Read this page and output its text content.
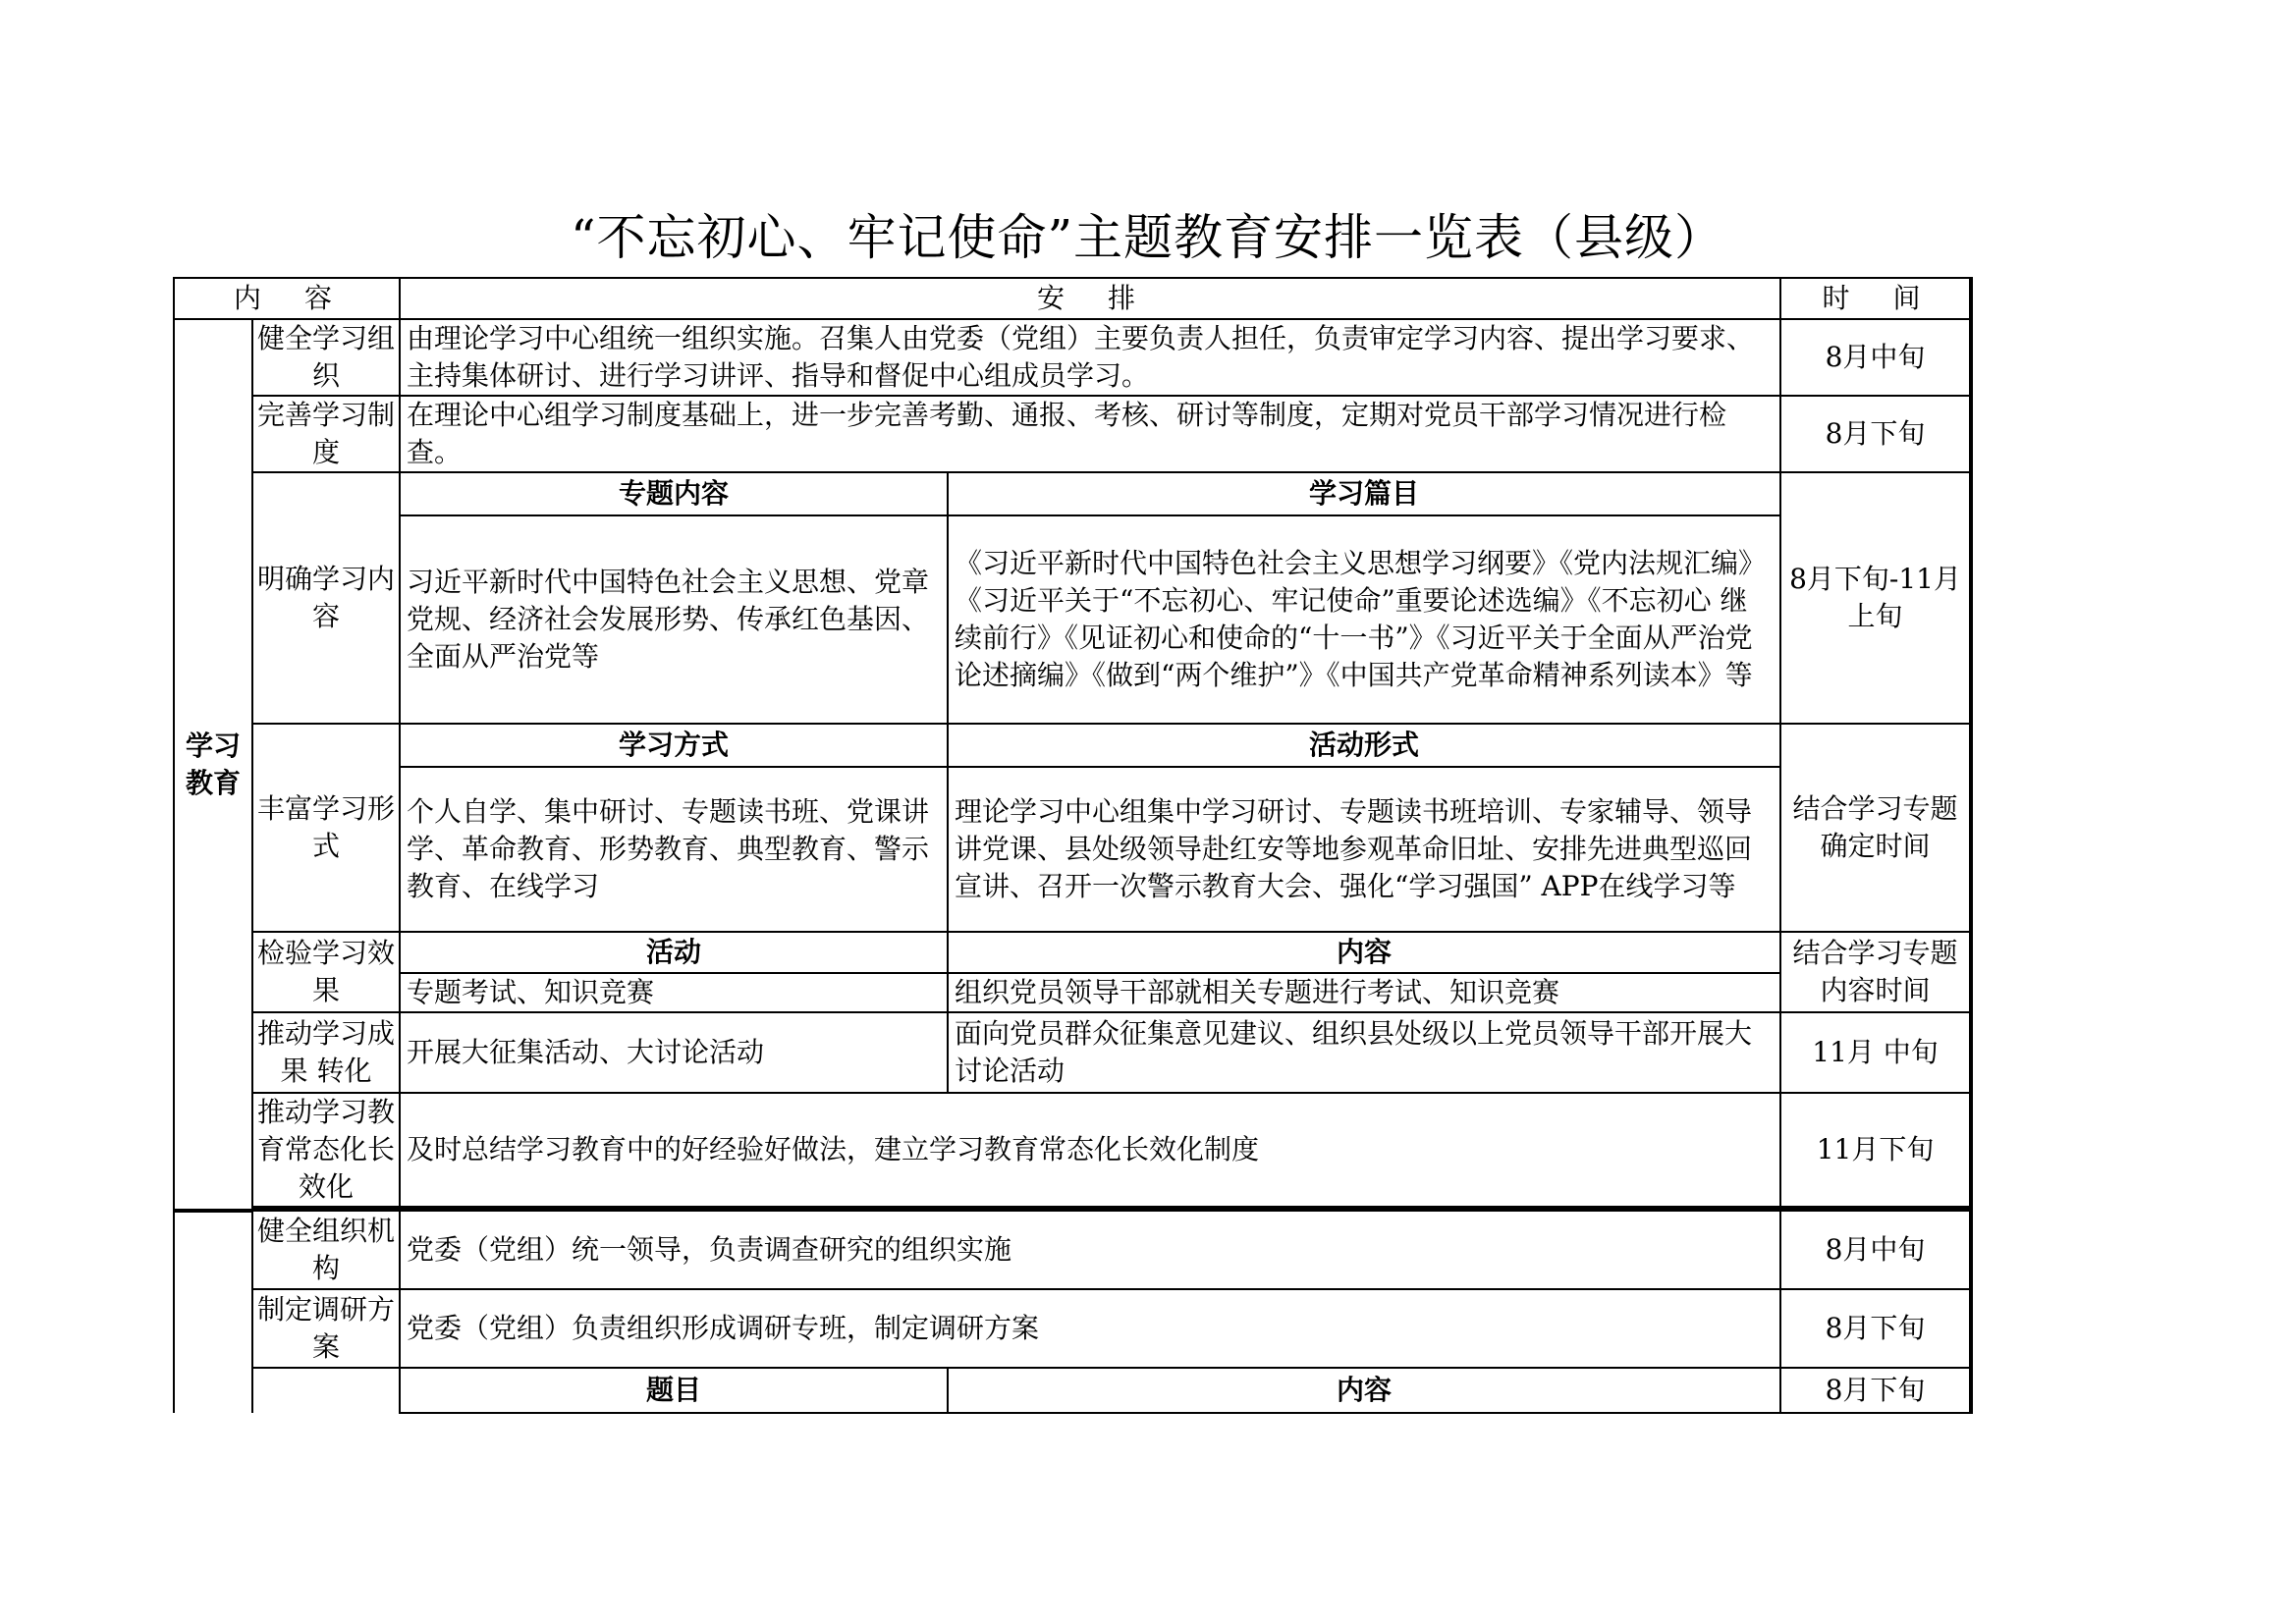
“不忘初心、牢记使命”主题教育安排一览表（县级）
内　容		安　排		时　间
学习
教育	健全学习组织	由理论学习中心组统一组织实施。召集人由党委（党组）主要负责人担任，负责审定学习内容、提出学习要求、主持集体研讨、进行学习讲评、指导和督促中心组成员学习。		8月中旬
	完善学习制度	在理论中心组学习制度基础上，进一步完善考勤、通报、考核、研讨等制度，定期对党员干部学习情况进行检查。		8月下旬
	明确学习内容	专题内容	学习篇目	8月下旬-11月上旬
		习近平新时代中国特色社会主义思想、党章党规、经济社会发展形势、传承红色基因、全面从严治党等	《习近平新时代中国特色社会主义思想学习纲要》《党内法规汇编》《习近平关于“不忘初心、牢记使命”重要论述选编》《不忘初心 继续前行》《见证初心和使命的“十一书”》《习近平关于全面从严治党论述摘编》《做到“两个维护”》《中国共产党革命精神系列读本》等	
	丰富学习形式	学习方式	活动形式	结合学习专题确定时间
		个人自学、集中研讨、专题读书班、党课讲学、革命教育、形势教育、典型教育、警示教育、在线学习	理论学习中心组集中学习研讨、专题读书班培训、专家辅导、领导讲党课、县处级领导赴红安等地参观革命旧址、安排先进典型巡回宣讲、召开一次警示教育大会、强化“学习强国” APP在线学习等	
	检验学习效果	活动	内容	结合学习专题内容时间
		专题考试、知识竞赛	组织党员领导干部就相关专题进行考试、知识竞赛	
	推动学习成果 转化	开展大征集活动、大讨论活动	面向党员群众征集意见建议、组织县处级以上党员领导干部开展大讨论活动	11月 中旬
	推动学习教育常态化长效化	及时总结学习教育中的好经验好做法，建立学习教育常态化长效化制度		11月下旬

	健全组织机构	党委（党组）统一领导，负责调查研究的组织实施		8月中旬
	制定调研方案	党委（党组）负责组织形成调研专班，制定调研方案		8月下旬
		题目	内容	8月下旬
